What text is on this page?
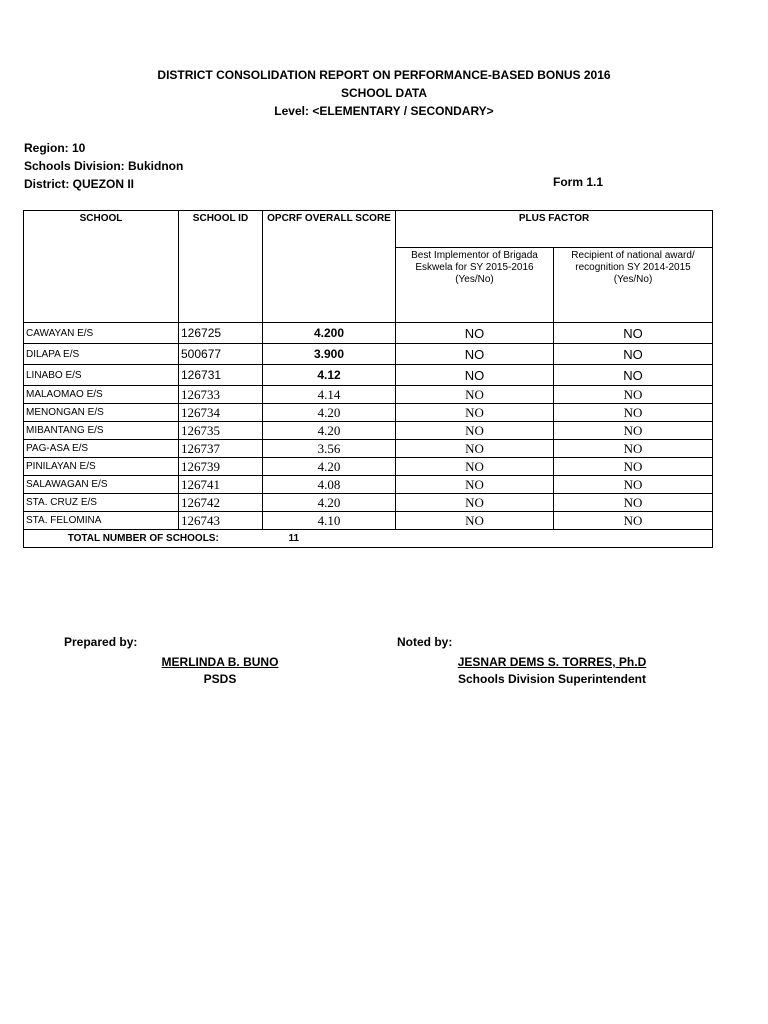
DISTRICT CONSOLIDATION REPORT ON PERFORMANCE-BASED BONUS 2016
SCHOOL DATA
Level: <ELEMENTARY / SECONDARY>
Region: 10
Schools Division: Bukidnon
District: QUEZON II	Form 1.1
SCHOOL	SCHOOL ID	OPCRF OVERALL SCORE	PLUS FACTOR	
			Best Implementor of Brigada Eskwela for SY 2015-2016 (Yes/No)	Recipient of national award/ recognition SY 2014-2015 (Yes/No)
CAWAYAN E/S	126725	4.200	NO	NO
DILAPA E/S	500677	3.900	NO	NO
LINABO E/S	126731	4.12	NO	NO
MALAOMAO E/S	126733	4.14	NO	NO
MENONGAN E/S	126734	4.20	NO	NO
MIBANTANG E/S	126735	4.20	NO	NO
PAG-ASA E/S	126737	3.56	NO	NO
PINILAYAN E/S	126739	4.20	NO	NO
SALAWAGAN E/S	126741	4.08	NO	NO
STA. CRUZ E/S	126742	4.20	NO	NO
STA. FELOMINA	126743	4.10	NO	NO
TOTAL NUMBER OF SCHOOLS:		11		
Prepared by:
MERLINDA B. BUNO
PSDS
Noted by:
JESNAR DEMS S. TORRES, Ph.D
Schools Division Superintendent
